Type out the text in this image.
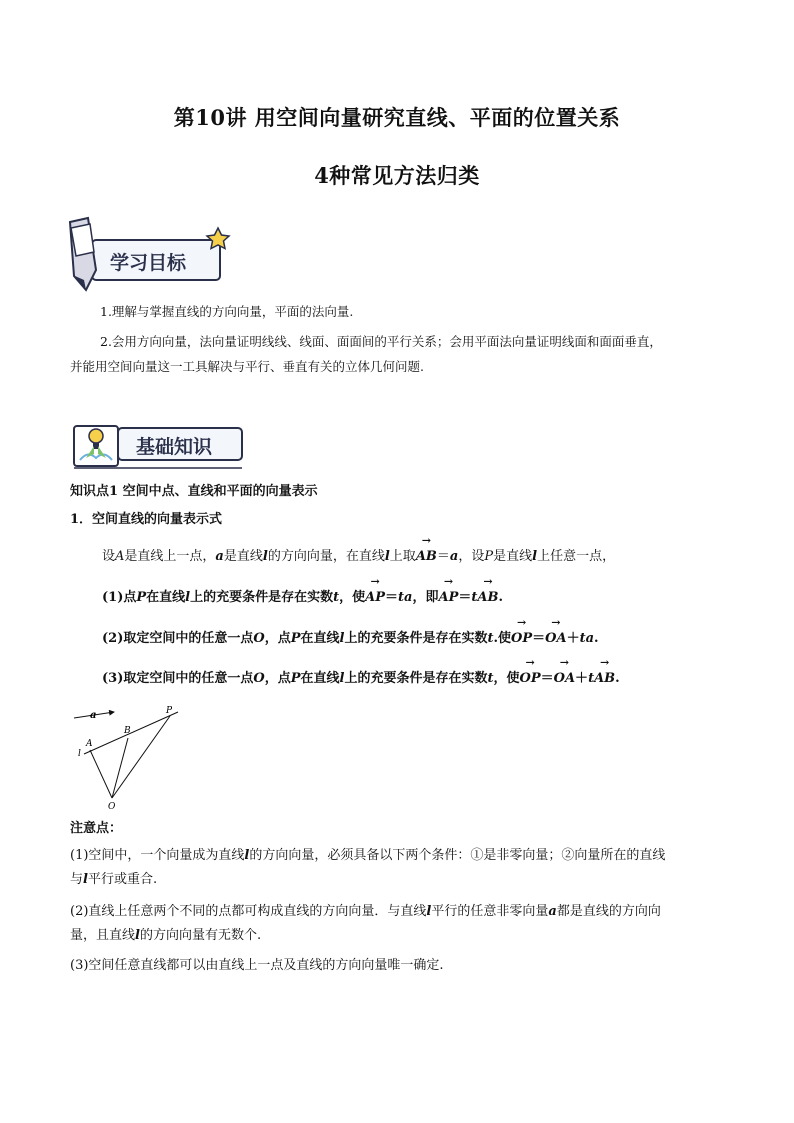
第10讲 用空间向量研究直线、平面的位置关系
4种常见方法归类
学习目标
1.理解与掌握直线的方向向量，平面的法向量.
2.会用方向向量，法向量证明线线、线面、面面间的平行关系；会用平面法向量证明线面和面面垂直，
并能用空间向量这一工具解决与平行、垂直有关的立体几何问题.
基础知识
知识点1 空间中点、直线和平面的向量表示
1．空间直线的向量表示式
设A是直线上一点，a是直线l的方向向量，在直线l上取→ AB＝a，设P是直线l上任意一点，
(1)点P在直线l上的充要条件是存在实数t，使→ AP＝ta，即→ AP＝t→ AB.
(2)取定空间中的任意一点O，点P在直线l上的充要条件是存在实数t.使→ OP＝→ OA＋ta.
(3)取定空间中的任意一点O，点P在直线l上的充要条件是存在实数t，使→ OP＝→ OA＋t→ AB.
a
A
B
P
l
O
注意点：
(1)空间中，一个向量成为直线l的方向向量，必须具备以下两个条件：①是非零向量；②向量所在的直线
与l平行或重合.
(2)直线上任意两个不同的点都可构成直线的方向向量．与直线l平行的任意非零向量a都是直线的方向向
量，且直线l的方向向量有无数个.
(3)空间任意直线都可以由直线上一点及直线的方向向量唯一确定.
